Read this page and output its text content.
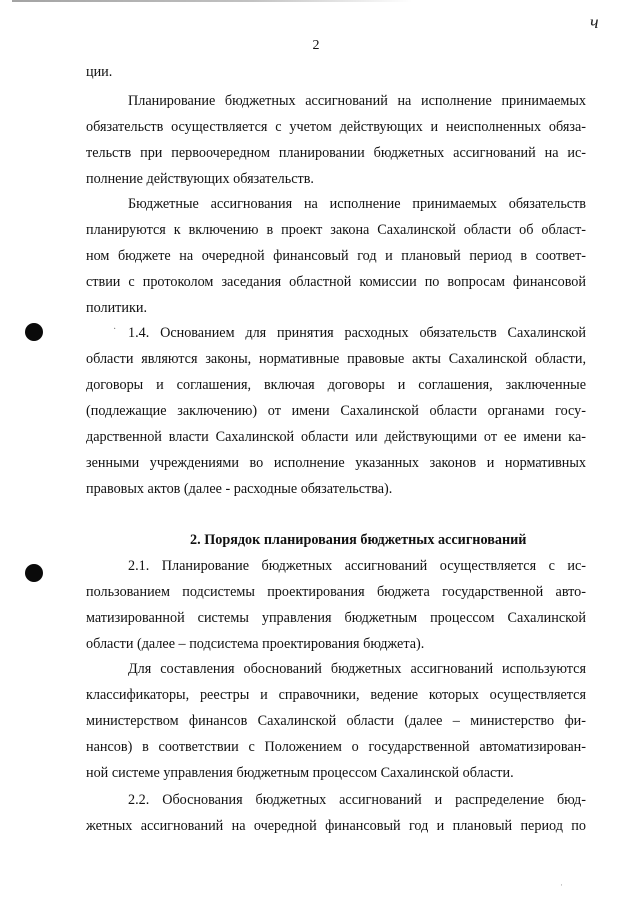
ч
2
·
ции.
Планирование бюджетных ассигнований на исполнение принимаемых
обязательств осуществляется с учетом действующих и неисполненных обяза-
тельств при первоочередном планировании бюджетных ассигнований на ис-
полнение действующих обязательств.
Бюджетные ассигнования на исполнение принимаемых обязательств
планируются к включению в проект закона Сахалинской области об област-
ном бюджете на очередной финансовый год и плановый период в соответ-
ствии с протоколом заседания областной комиссии по вопросам финансовой
политики.
1.4. Основанием для принятия расходных обязательств Сахалинской
области являются законы, нормативные правовые акты Сахалинской области,
договоры и соглашения, включая договоры и соглашения, заключенные
(подлежащие заключению) от имени Сахалинской области органами госу-
дарственной власти Сахалинской области или действующими от ее имени ка-
зенными учреждениями во исполнение указанных законов и нормативных
правовых актов (далее - расходные обязательства).
2. Порядок планирования бюджетных ассигнований
2.1. Планирование бюджетных ассигнований осуществляется с ис-
пользованием подсистемы проектирования бюджета государственной авто-
матизированной системы управления бюджетным процессом Сахалинской
области (далее – подсистема проектирования бюджета).
Для составления обоснований бюджетных ассигнований используются
классификаторы, реестры и справочники, ведение которых осуществляется
министерством финансов Сахалинской области (далее – министерство фи-
нансов) в соответствии с Положением о государственной автоматизирован-
ной системе управления бюджетным процессом Сахалинской области.
2.2. Обоснования бюджетных ассигнований и распределение бюд-
жетных ассигнований на очередной финансовый год и плановый период по
·
